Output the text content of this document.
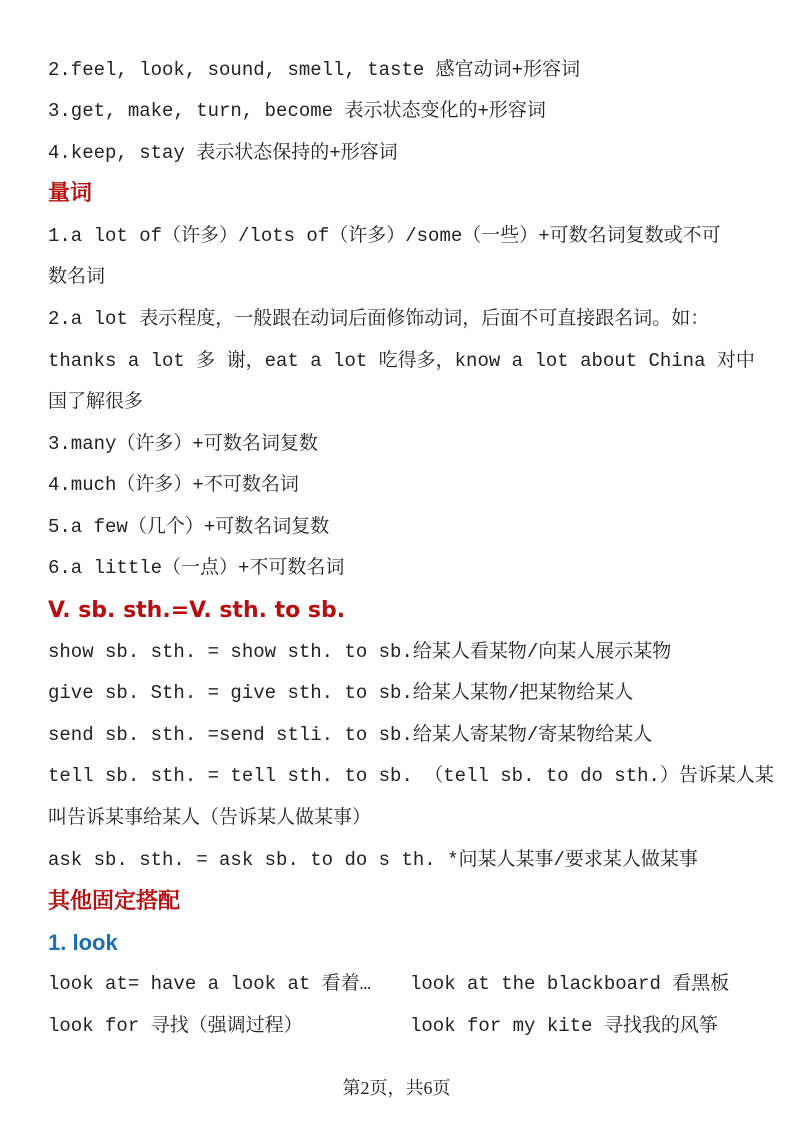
2.feel, look, sound, smell, taste 感官动词+形容词
3.get, make, turn, become 表示状态变化的+形容词
4.keep, stay 表示状态保持的+形容词
量词
1.a lot of（许多）/lots of（许多）/some（一些）+可数名词复数或不可
数名词
2.a lot 表示程度，一般跟在动词后面修饰动词，后面不可直接跟名词。如：
thanks a lot 多 谢，eat a lot 吃得多，know a lot about China 对中
国了解很多
3.many（许多）+可数名词复数
4.much（许多）+不可数名词
5.a few（几个）+可数名词复数
6.a little（一点）+不可数名词
V. sb. sth.=V. sth. to sb.
show sb. sth. = show sth. to sb.给某人看某物/向某人展示某物
give sb. Sth. = give sth. to sb.给某人某物/把某物给某人
send sb. sth. =send stli. to sb.给某人寄某物/寄某物给某人
tell sb. sth. = tell sth. to sb. （tell sb. to do sth.）告诉某人某
叫告诉某事给某人（告诉某人做某事）
ask sb. sth. = ask sb. to do s th. *问某人某事/要求某人做某事
其他固定搭配
1. look
look at= have a look at 看着… look at the blackboard 看黑板
look for 寻找（强调过程）	look for my kite 寻找我的风筝
第2页，共6页
